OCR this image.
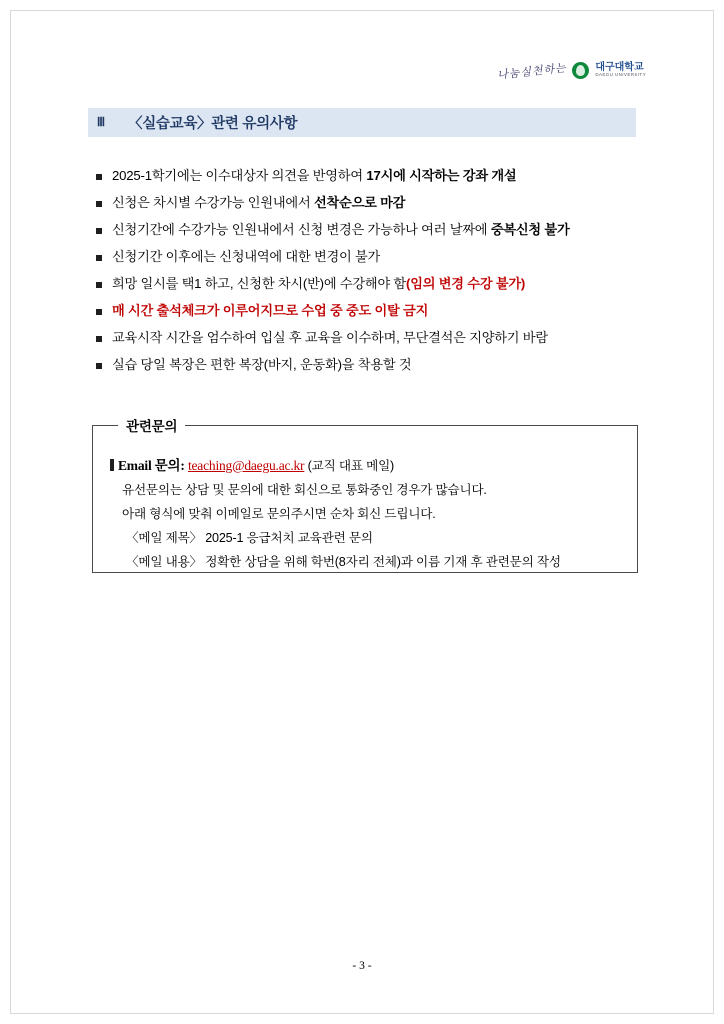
나눔실천하는	대구대학교
DAEGU UNIVERSITY
Ⅲ	〈실습교육〉관련 유의사항
2025-1학기에는 이수대상자 의견을 반영하여 17시에 시작하는 강좌 개설
신청은 차시별 수강가능 인원내에서 선착순으로 마감
신청기간에 수강가능 인원내에서 신청 변경은 가능하나 여러 날짜에 중복신청 불가
신청기간 이후에는 신청내역에 대한 변경이 불가
희망 일시를 택1 하고, 신청한 차시(반)에 수강해야 함(임의 변경 수강 불가)
매 시간 출석체크가 이루어지므로 수업 중 중도 이탈 금지
교육시작 시간을 엄수하여 입실 후 교육을 이수하며, 무단결석은 지양하기 바람
실습 당일 복장은 편한 복장(바지, 운동화)을 착용할 것
관련문의
Email 문의: teaching@daegu.ac.kr (교직 대표 메일)
유선문의는 상담 및 문의에 대한 회신으로 통화중인 경우가 많습니다.
아래 형식에 맞춰 이메일로 문의주시면 순차 회신 드립니다.
〈메일 제목〉 2025-1 응급처치 교육관련 문의
〈메일 내용〉 정확한 상담을 위해 학번(8자리 전체)과 이름 기재 후 관련문의 작성
- 3 -
